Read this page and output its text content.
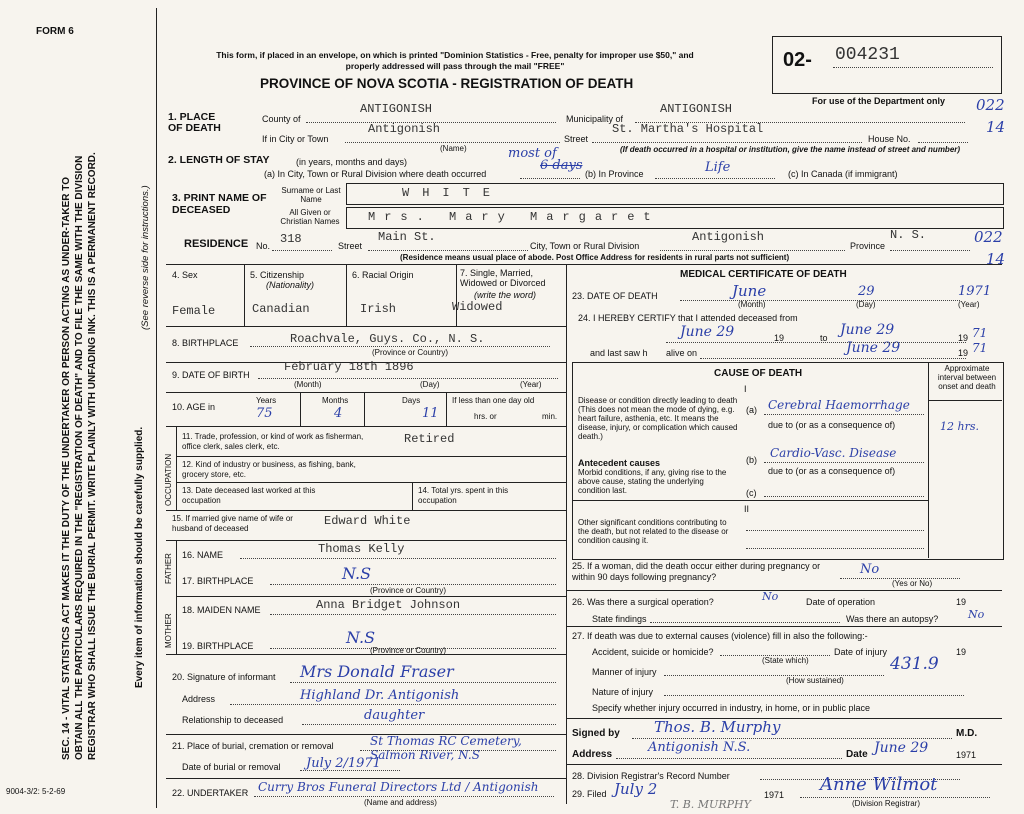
FORM 6
This form, if placed in an envelope, on which is printed "Dominion Statistics - Free, penalty for improper use $50," and properly addressed will pass through the mail "FREE"
PROVINCE OF NOVA SCOTIA - REGISTRATION OF DEATH
02- 004231
For use of the Department only 022
14
022
14
SEC. 14 - VITAL STATISTICS ACT MAKES IT THE DUTY OF THE UNDERTAKER OR PERSON ACTING AS UNDER-TAKER TO OBTAIN ALL THE PARTICULARS REQUIRED IN THE "REGISTRATION OF DEATH" AND TO FILE THE SAME WITH THE DIVISION REGISTRAR WHO SHALL ISSUE THE BURIAL PERMIT. WRITE PLAINLY WITH UNFADING INK. THIS IS A PERMANENT RECORD.	Every item of information should be carefully supplied.
(See reverse side for instructions.)
9004-3/2: 5-2-69
1. PLACE OF DEATH
County of
ANTIGONISH
Municipality of
ANTIGONISH
If in City or Town
Antigonish
Street
St. Martha's Hospital
House No.
(Name)	(If death occurred in a hospital or institution, give the name instead of street and number)
2. LENGTH OF STAY	(in years, months and days)
most of
(a) In City, Town or Rural Division where death occurred
6 days
(b) In Province	Life	(c) In Canada (if immigrant)
3. PRINT NAME OF DECEASED
Surname or Last Name
All Given or Christian Names
WHITE
Mrs. Mary Margaret
RESIDENCE No. 318	Street
Main St.
City, Town or Rural Division
Antigonish
Province
N. S.
(Residence means usual place of abode. Post Office Address for residents in rural parts not sufficient)
4. Sex
Female
5. Citizenship
(Nationality)
Canadian
6. Racial Origin
Irish
7. Single, Married, Widowed or Divorced
(write the word)
Widowed
8. BIRTHPLACE	Roachvale, Guys. Co., N. S.
(Province or Country)
9. DATE OF BIRTH
February 18th 1896
(Month)	(Day)	(Year)
10. AGE in
Years	Months	Days
75	4	11
If less than one day old
hrs. or	min.
OCCUPATION
11. Trade, profession, or kind of work as fisherman, office clerk, sales clerk, etc.
Retired
12. Kind of industry or business, as fishing, bank, grocery store, etc.
13. Date deceased last worked at this occupation
14. Total yrs. spent in this occupation
15. If married give name of wife or husband of deceased
Edward White
FATHER
MOTHER
16. NAME	Thomas Kelly
17. BIRTHPLACE	N.S
(Province or Country)
18. MAIDEN NAME	Anna Bridget Johnson
19. BIRTHPLACE	N.S
(Province or Country)
20. Signature of informant Mrs Donald Fraser
Address	Highland Dr. Antigonish
Relationship to deceased	daughter
21. Place of burial, cremation or removal	St Thomas RC Cemetery, Salmon River, N.S
Date of burial or removal July 2/1971
22. UNDERTAKER Curry Bros Funeral Directors Ltd / Antigonish
(Name and address)	T. B. MURPHY
MEDICAL CERTIFICATE OF DEATH
23. DATE OF DEATH	June	29	1971
(Month)	(Day)	(Year)
24. I HEREBY CERTIFY that I attended deceased from
June 29	19	to June 29	19 71
and last saw h alive on	June 29	19 71
CAUSE OF DEATH	Approximate interval between onset and death
I
Disease or condition directly leading to death (This does not mean the mode of dying, e.g. heart failure, asthenia, etc. It means the disease, injury, or complication which caused death.)
(a) Cerebral Haemorrhage
due to (or as a consequence of)	12 hrs.
Antecedent causes
Morbid conditions, if any, giving rise to the above cause, stating the underlying condition last.
(b) Cardio-Vasc. Disease
due to (or as a consequence of)
(c)
II
Other significant conditions contributing to the death, but not related to the disease or condition causing it.
25. If a woman, did the death occur either during pregnancy or within 90 days following pregnancy?	No
(Yes or No)
26. Was there a surgical operation?	No	Date of operation	19
State findings	Was there an autopsy?	No
27. If death was due to external causes (violence) fill in also the following:-
Accident, suicide or homicide?
(State which)
Date of injury	19
431.9
Manner of injury
(How sustained)
Nature of injury
Specify whether injury occurred in industry, in home, or in public place
Signed by Thos. B. Murphy	M.D.
Address	Antigonish N.S.	Date June 29	1971
28. Division Registrar's Record Number
29. Filed July 2	1971 Anne Wilmot
(Division Registrar)
